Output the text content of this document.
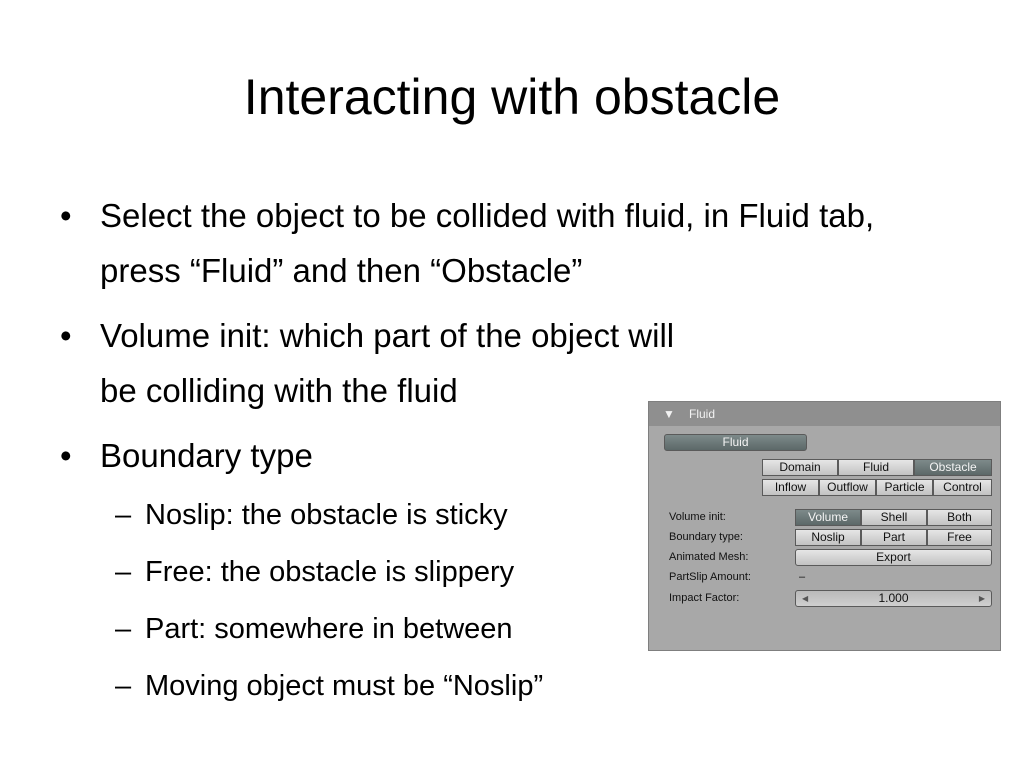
Interacting with obstacle
• Select the object to be collided with fluid, in Fluid tab, press “Fluid” and then “Obstacle”
• Volume init: which part of the object will be colliding with the fluid
• Boundary type
– Noslip: the obstacle is sticky
– Free: the obstacle is slippery
– Part: somewhere in between
– Moving object must be “Noslip”
▼ Fluid
Fluid
Domain	Fluid	Obstacle
Inflow	Outflow	Particle	Control
Volume init:	Volume	Shell	Both
Boundary type:	Noslip	Part	Free
Animated Mesh:	Export
PartSlip Amount:	–
Impact Factor:	◀	1.000	▶
